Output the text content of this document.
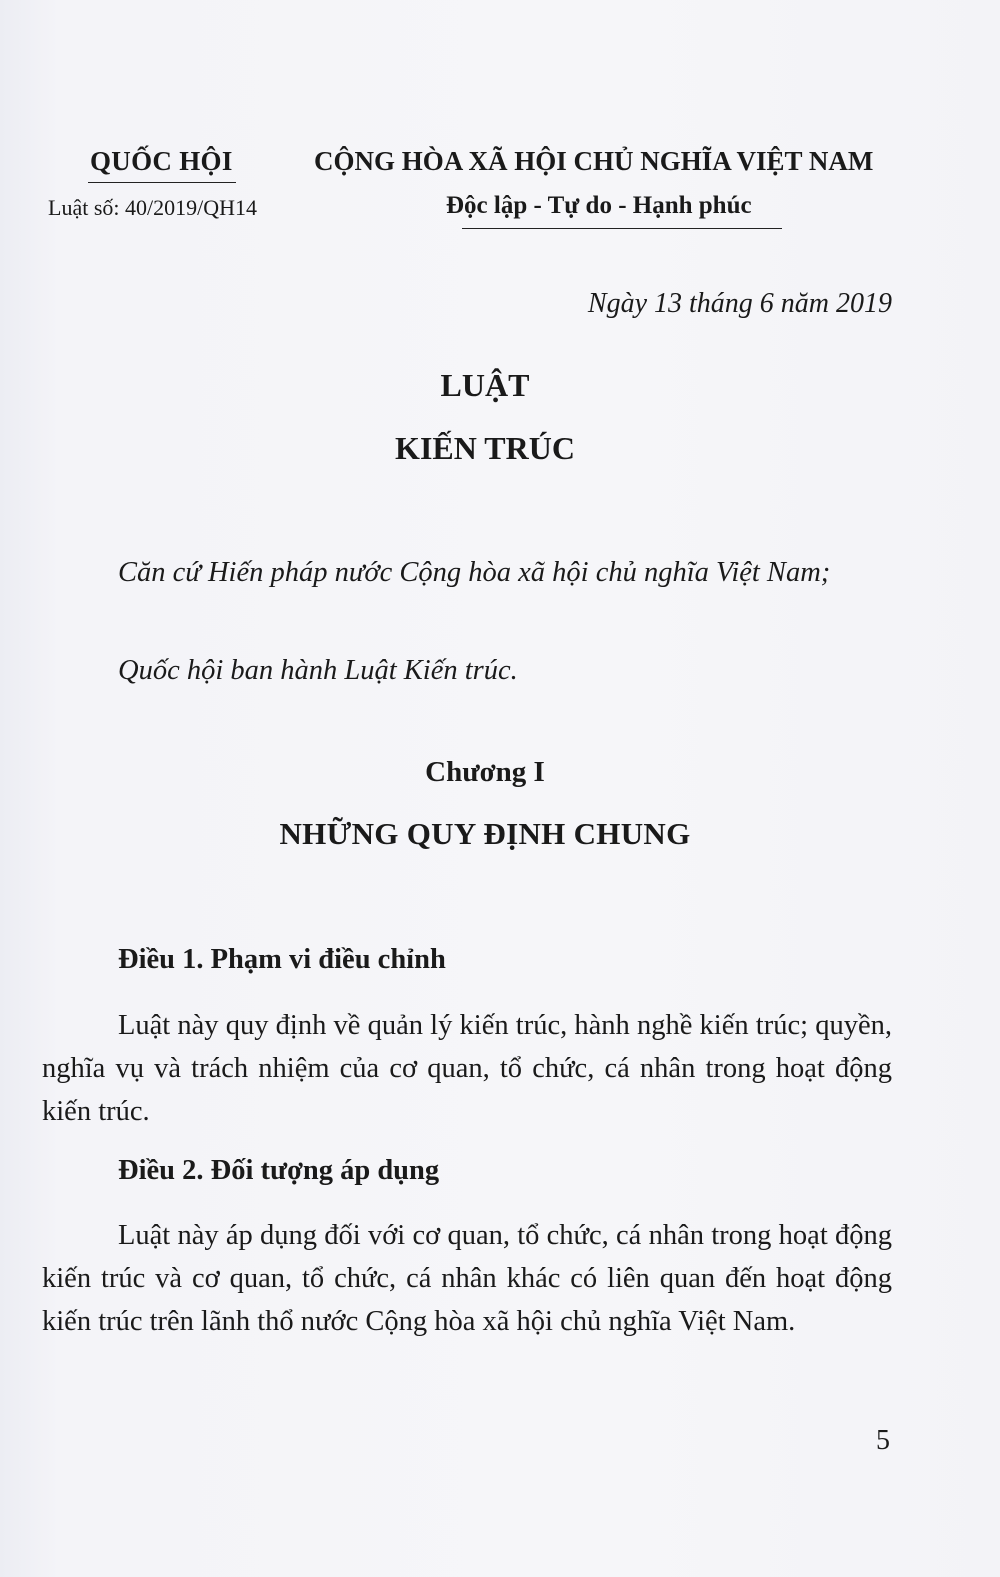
QUỐC HỘI
Luật số: 40/2019/QH14
CỘNG HÒA XÃ HỘI CHỦ NGHĨA VIỆT NAM
Độc lập - Tự do - Hạnh phúc
Ngày 13 tháng 6 năm 2019
LUẬT
KIẾN TRÚC
Căn cứ Hiến pháp nước Cộng hòa xã hội chủ nghĩa Việt Nam;
Quốc hội ban hành Luật Kiến trúc.
Chương I
NHỮNG QUY ĐỊNH CHUNG
Điều 1. Phạm vi điều chỉnh
Luật này quy định về quản lý kiến trúc, hành nghề kiến trúc; quyền, nghĩa vụ và trách nhiệm của cơ quan, tổ chức, cá nhân trong hoạt động kiến trúc.
Điều 2. Đối tượng áp dụng
Luật này áp dụng đối với cơ quan, tổ chức, cá nhân trong hoạt động kiến trúc và cơ quan, tổ chức, cá nhân khác có liên quan đến hoạt động kiến trúc trên lãnh thổ nước Cộng hòa xã hội chủ nghĩa Việt Nam.
5
